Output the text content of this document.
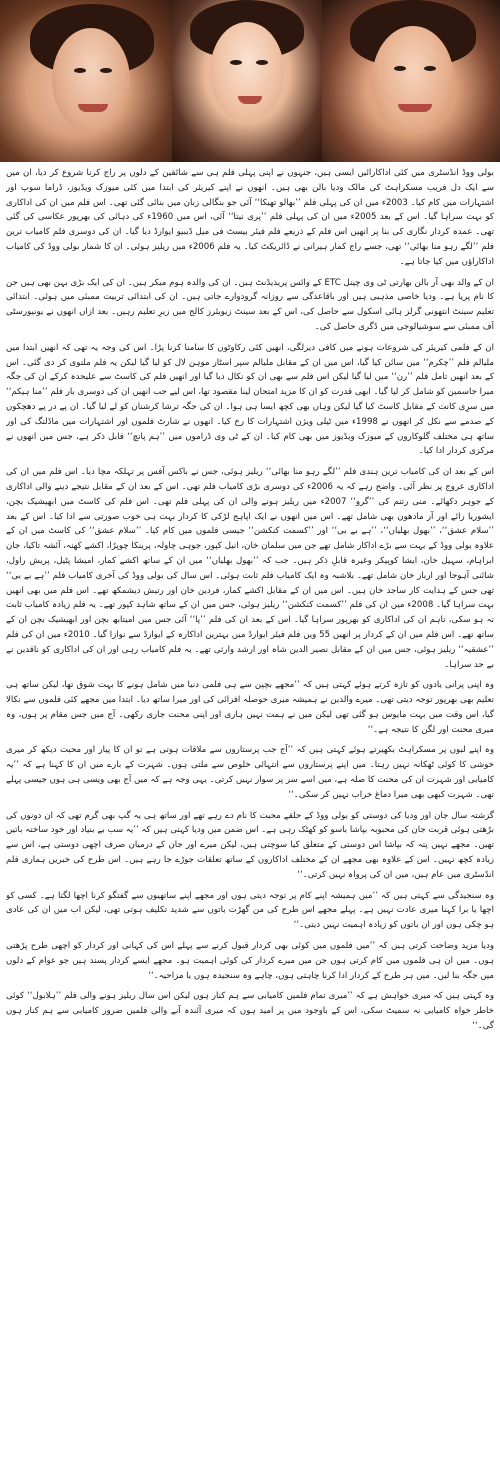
بولی ووڈ انڈسٹری میں کئی اداکارائیں ایسی ہیں، جنہوں نے اپنی پہلی فلم ہی سے شائقین کے دلوں پر راج کرنا شروع کر دیا، ان میں سے ایک دل فریب مسکراہٹ کی مالک ودیا بالن بھی ہیں۔ انھوں نے اپنے کیریئر کی ابتدا میں کئی میوزک ویڈیوز، ڈراما سوپ اور اشتہارات میں کام کیا۔ 2003ء میں ان کی پہلی فلم ’’بھالو تھیکا‘‘ آئی جو بنگالی زبان میں بنائی گئی تھی۔ اس فلم میں ان کی اداکاری کو بہت سراہا گیا۔ اس کے بعد 2005ء میں ان کی پہلی فلم ’’پری نیتا‘‘ آئی، اس میں 1960ء کی دہائی کی بھرپور عکاسی کی گئی تھی۔ عمدہ کردار نگاری کی بنا پر انھیں اس فلم کے ذریعے فلم فیئر بیسٹ فی میل ڈیبیو ایوارڈ دیا گیا۔ ان کی دوسری فلم کامیاب ترین فلم ’’لگے رہو منا بھائی‘‘ تھی، جسے راج کمار ہیرانی نے ڈائریکٹ کیا۔ یہ فلم 2006ء میں ریلیز ہوئی۔ ان کا شمار بولی ووڈ کی کامیاب اداکاراؤں میں کیا جاتا ہے۔

ان کے والد بھی آر بالن بھارتی ٹی وی چینل ETC کے وائس پریذیڈنٹ ہیں۔ ان کی والدہ ہوم میکر ہیں۔ ان کی ایک بڑی بہن بھی ہیں جن کا نام پریا ہے۔ ودیا خاصی مذہبی ہیں اور باقاعدگی سے روزانہ گرودوارے جاتی ہیں۔ ان کی ابتدائی تربیت ممبئی میں ہوئی۔ ابتدائی تعلیم سینٹ انتھونی گرلز ہائی اسکول سے حاصل کی، اس کے بعد سینٹ زیویئرز کالج میں زیرِ تعلیم رہیں۔ بعد ازاں انھوں نے یونیورسٹی آف ممبئی سے سوشیالوجی میں ڈگری حاصل کی۔

ان کے فلمی کیریئر کی شروعات ہونے میں کافی دیرلگی، انھیں کئی رکاوٹوں کا سامنا کرنا پڑا۔ اس کی وجہ یہ تھی کہ انھیں ابتدا میں ملیالم فلم ’’چکرم‘‘ میں سائن کیا گیا، اس میں ان کے مقابل ملیالم سپر اسٹار موہن لال کو لیا گیا لیکن یہ فلم ملتوی کر دی گئی۔ اس کے بعد انھیں تامل فلم ’’رن‘‘ میں لیا گیا لیکن اس فلم سے بھی ان کو نکال دیا گیا اور انھیں فلم کی کاسٹ سے علیحدہ کرکے ان کی جگہ میرا جاسمین کو شامل کر لیا گیا۔ ابھی قدرت کو ان کا مزید امتحان لینا مقصود تھا، اس لیے جب انھیں ان کی دوسری بار فلم ’’منا ہیکم‘‘ میں سرِی کانت کے مقابل کاسٹ کیا گیا لیکن وہاں بھی کچھ ایسا ہی ہوا۔ ان کی جگہ ترشا کرشنان کو لے لیا گیا۔ ان پے در پے دھچکوں کے صدمے سے نکل کر انھوں نے 1998ء میں ٹیلی ویژن اشتہارات کا رخ کیا۔ انھوں نے شارٹ فلموں اور اشتہارات میں ماڈلنگ کی اور ساتھ ہی مختلف گلوکاروں کے میوزک ویڈیوز میں بھی کام کیا۔ ان کے ٹی وی ڈراموں میں ’’ہم پانچ‘‘ قابل ذکر ہے، جس میں انھوں نے مرکزی کردار ادا کیا۔

اس کے بعد ان کی کامیاب ترین ہندی فلم ’’لگے رہو منا بھائی‘‘ ریلیز ہوئی، جس نے باکس آفس پر تہلکہ مچا دیا۔ اس فلم میں ان کی اداکاری عروج پر نظر آئی۔ واضح رہے کہ یہ 2006ء کی دوسری بڑی کامیاب فلم تھی۔ اس کے بعد ان کے مقابل نتیجے دینے والی اداکاری کے جوہر دکھائے۔ منی رتنم کی ’’گرو‘‘ 2007ء میں ریلیز ہونے والی ان کی پہلی فلم تھی۔ اس فلم کی کاسٹ میں ابھیشیک بچن، ایشوریا رائے اور آر مادھون بھی شامل تھے۔ اس میں انھوں نے ایک اپاہج لڑکی کا کردار بہت ہی خوب صورتی سے ادا کیا۔ اس کے بعد ’’سلام عشق‘‘، ’’بھول بھلیاں‘‘، ’’ہے بے بی‘‘ اور ’’کسمت کنکشن‘‘ جیسی فلموں میں کام کیا۔ ’’سلام عشق‘‘ کی کاسٹ میں ان کے علاوہ بولی ووڈ کے بہت سے بڑے اداکار شامل تھے جن میں سلمان خان، انیل کپور، جوہی چاولہ، پرینکا چوپڑا، اکشے کھنہ، آئشہ تاکیا، جان ابراہام، سہیل خان، ایشا کوپیکر وغیرہ قابلِ ذکر ہیں۔ جب کہ ’’بھول بھلیاں‘‘ میں ان کے ساتھ اکشے کمار، امیشا پٹیل، پریش راول، شائنی آہوجا اور ارباز خان شامل تھے۔ بلاشبہ وہ ایک کامیاب فلم ثابت ہوئی۔ اس سال کی بولی ووڈ کی آخری کامیاب فلم ’’ہے بے بی‘‘ تھی جس کے ہدایت کار ساجد خان ہیں۔ اس میں ان کے مقابل اکشے کمار، فردین خان اور رتیش دیشمکھ تھے۔ اس فلم میں بھی انھیں بہت سراہا گیا۔ 2008ء میں ان کی فلم ’’کسمت کنکشن‘‘ ریلیز ہوئی، جس میں ان کے ساتھ شاہد کپور تھے۔ یہ فلم زیادہ کامیاب ثابت نہ ہو سکی، تاہم ان کی اداکاری کو بھرپور سراہا گیا۔ اس کے بعد ان کی فلم ’’پا‘‘ آئی جس میں امیتابھ بچن اور ابھیشیک بچن ان کے ساتھ تھے۔ اس فلم میں ان کے کردار پر انھیں 55 ویں فلم فیئر ایوارڈ میں بہترین اداکارہ کے ایوارڈ سے نوازا گیا۔ 2010ء میں ان کی فلم ’’عشقیہ‘‘ ریلیز ہوئی، جس میں ان کے مقابل نصیر الدین شاہ اور ارشد وارثی تھے۔ یہ فلم کامیاب رہی اور ان کی اداکاری کو ناقدین نے بے حد سراہا۔

وہ اپنی پرانی یادوں کو تازہ کرتے ہوئے کہتی ہیں کہ ’’مجھے بچپن سے ہی فلمی دنیا میں شامل ہونے کا بہت شوق تھا، لیکن ساتھ ہی تعلیم بھی بھرپور توجہ دیتی تھی۔ میرے والدین نے ہمیشہ میری حوصلہ افزائی کی اور میرا ساتھ دیا۔ ابتدا میں مجھے کئی فلموں سے نکالا گیا، اس وقت میں بہت مایوس ہو گئی تھی لیکن میں نے ہمت نہیں ہاری اور اپنی محنت جاری رکھی۔ آج میں جس مقام پر ہوں، وہ میری محنت اور لگن کا نتیجہ ہے۔‘‘

وہ اپنے لبوں پر مسکراہٹ بکھیرتے ہوئے کہتی ہیں کہ ’’آج جب پرستاروں سے ملاقات ہوتی ہے تو ان کا پیار اور محبت دیکھ کر میری خوشی کا کوئی ٹھکانہ نہیں رہتا۔ میں اپنے پرستاروں سے انتہائی خلوص سے ملتی ہوں۔ شہرت کے بارے میں ان کا کہنا ہے کہ ’’یہ کامیابی اور شہرت ان کی محنت کا صلہ ہے، میں اسے سر پر سوار نہیں کرتی۔ یہی وجہ ہے کہ میں آج بھی ویسی ہی ہوں جیسی پہلے تھی۔ شہرت کبھی بھی میرا دماغ خراب نہیں کر سکی۔‘‘

گزشتہ سال جان اور ودیا کی دوستی کو بولی ووڈ کے حلقے محبت کا نام دے رہے تھے اور ساتھ ہی یہ گپ بھی گرم تھی کہ ان دونوں کی بڑھتی ہوئی قربت جان کی محبوبہ بپاشا باسو کو کھٹک رہی ہے۔ اس ضمن میں ودیا کہتی ہیں کہ ’’یہ سب بے بنیاد اور خود ساختہ باتیں تھیں۔ مجھے نہیں پتہ کہ بپاشا اس دوستی کے متعلق کیا سوچتی ہیں، لیکن میرے اور جان کے درمیان صرف اچھی دوستی ہے، اس سے زیادہ کچھ نہیں۔ اس کے علاوہ بھی مجھے ان کے مختلف اداکاروں کے ساتھ تعلقات جوڑے جا رہے ہیں۔ اس طرح کی خبریں ہماری فلم انڈسٹری میں عام ہیں، میں ان کی پرواہ نہیں کرتی۔‘‘

وہ سنجیدگی سے کہتی ہیں کہ ’’میں ہمیشہ اپنے کام پر توجہ دیتی ہوں اور مجھے اپنے ساتھیوں سے گفتگو کرنا اچھا لگتا ہے۔ کسی کو اچھا یا برا کہنا میری عادت نہیں ہے۔ پہلے مجھے اس طرح کی من گھڑت باتوں سے شدید تکلیف ہوتی تھی، لیکن اب میں ان کی عادی ہو چکی ہوں اور ان باتوں کو زیادہ اہمیت نہیں دیتی۔‘‘

ودیا مزید وضاحت کرتی ہیں کہ ’’میں فلموں میں کوئی بھی کردار قبول کرنے سے پہلے اس کی کہانی اور کردار کو اچھی طرح پڑھتی ہوں۔ میں ان ہی فلموں میں کام کرتی ہوں جن میں میرے کردار کی کوئی اہمیت ہو۔ مجھے ایسے کردار پسند ہیں جو عوام کے دلوں میں جگہ بنا لیں۔ میں ہر طرح کے کردار ادا کرنا چاہتی ہوں، چاہے وہ سنجیدہ ہوں یا مزاحیہ۔‘‘

وہ کہتی ہیں کہ میری خواہش ہے کہ ’’میری تمام فلمیں کامیابی سے ہم کنار ہوں لیکن اس سال ریلیز ہونے والی فلم ’’ہلابول‘‘ کوئی خاطر خواہ کامیابی نہ سمیٹ سکی، اس کے باوجود میں پر امید ہوں کہ میری آئندہ آنے والی فلمیں ضرور کامیابی سے ہم کنار ہوں گی۔‘‘
